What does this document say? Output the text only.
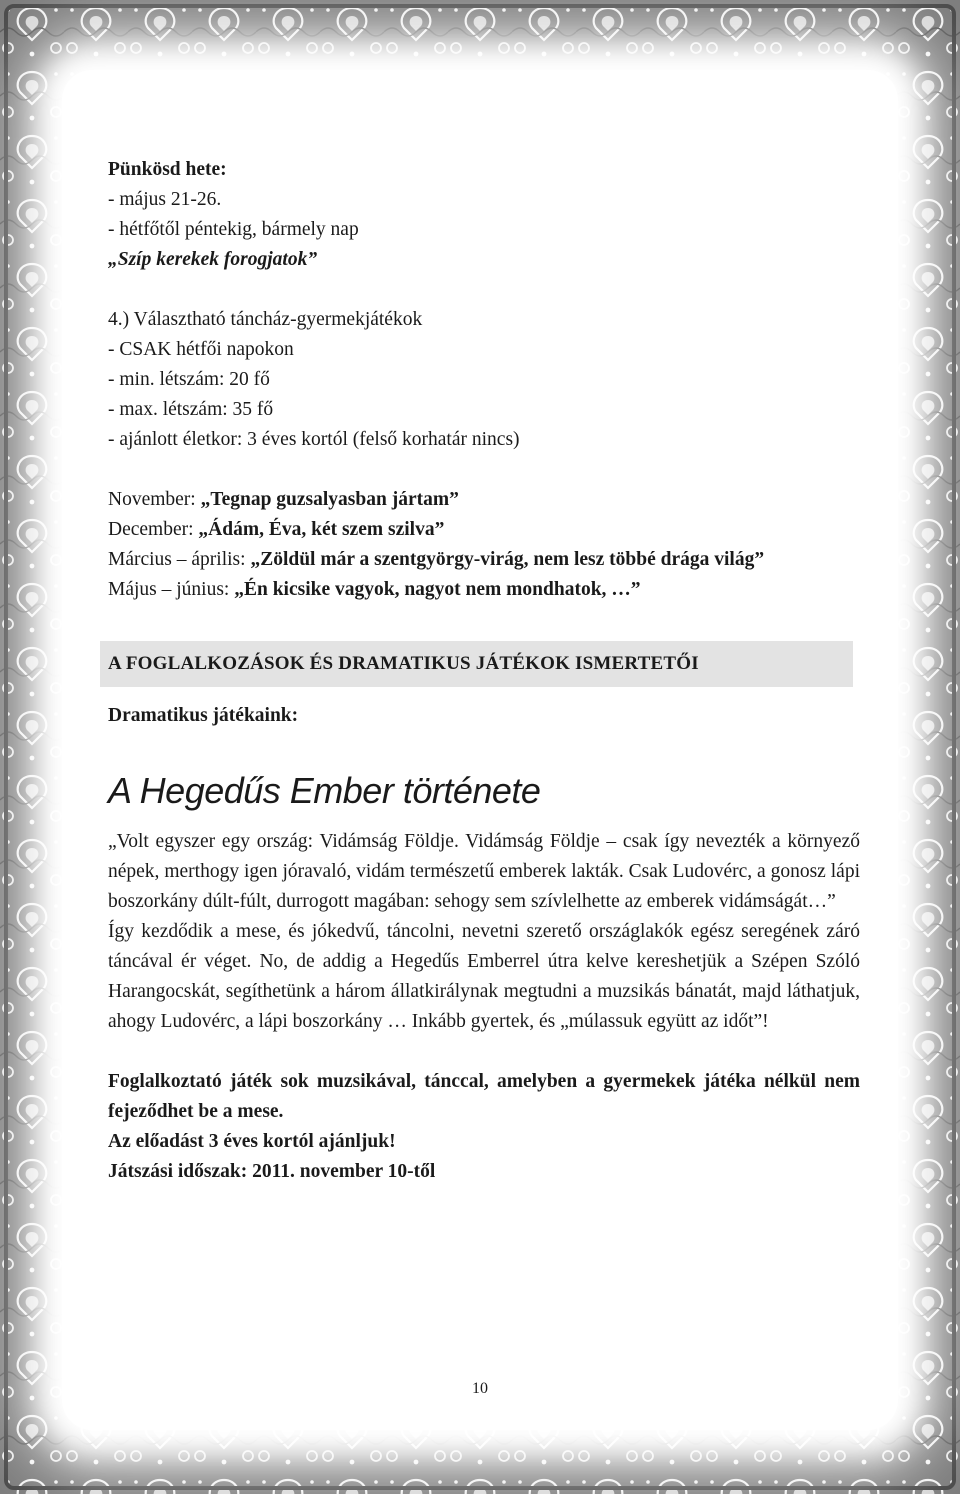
Pünkösd hete:
- május 21-26.
- hétfőtől péntekig, bármely nap
„Szíp kerekek forogjatok”
4.) Választható táncház-gyermekjátékok
- CSAK hétfői napokon
- min. létszám: 20 fő
- max. létszám: 35 fő
- ajánlott életkor: 3 éves kortól (felső korhatár nincs)
November: „Tegnap guzsalyasban jártam”
December: „Ádám, Éva, két szem szilva”
Március – április: „Zöldül már a szentgyörgy-virág, nem lesz többé drága világ”
Május – június: „Én kicsike vagyok, nagyot nem mondhatok, …”
A FOGLALKOZÁSOK ÉS DRAMATIKUS JÁTÉKOK ISMERTETŐI
Dramatikus játékaink:
A Hegedűs Ember története
„Volt egyszer egy ország: Vidámság Földje. Vidámság Földje – csak így nevezték a környező népek, merthogy igen jóravaló, vidám természetű emberek lakták. Csak Ludovérc, a gonosz lápi boszorkány dúlt-fúlt, durrogott magában: sehogy sem szívlelhette az emberek vidámságát…”
Így kezdődik a mese, és jókedvű, táncolni, nevetni szerető országlakók egész seregének záró táncával ér véget. No, de addig a Hegedűs Emberrel útra kelve kereshetjük a Szépen Szóló Harangocskát, segíthetünk a három állatkirálynak megtudni a muzsikás bánatát, majd láthatjuk, ahogy Ludovérc, a lápi boszorkány … Inkább gyertek, és „múlassuk együtt az időt”!
Foglalkoztató játék sok muzsikával, tánccal, amelyben a gyermekek játéka nélkül nem fejeződhet be a mese.
Az előadást 3 éves kortól ajánljuk!
Játszási időszak: 2011. november 10-től
10
